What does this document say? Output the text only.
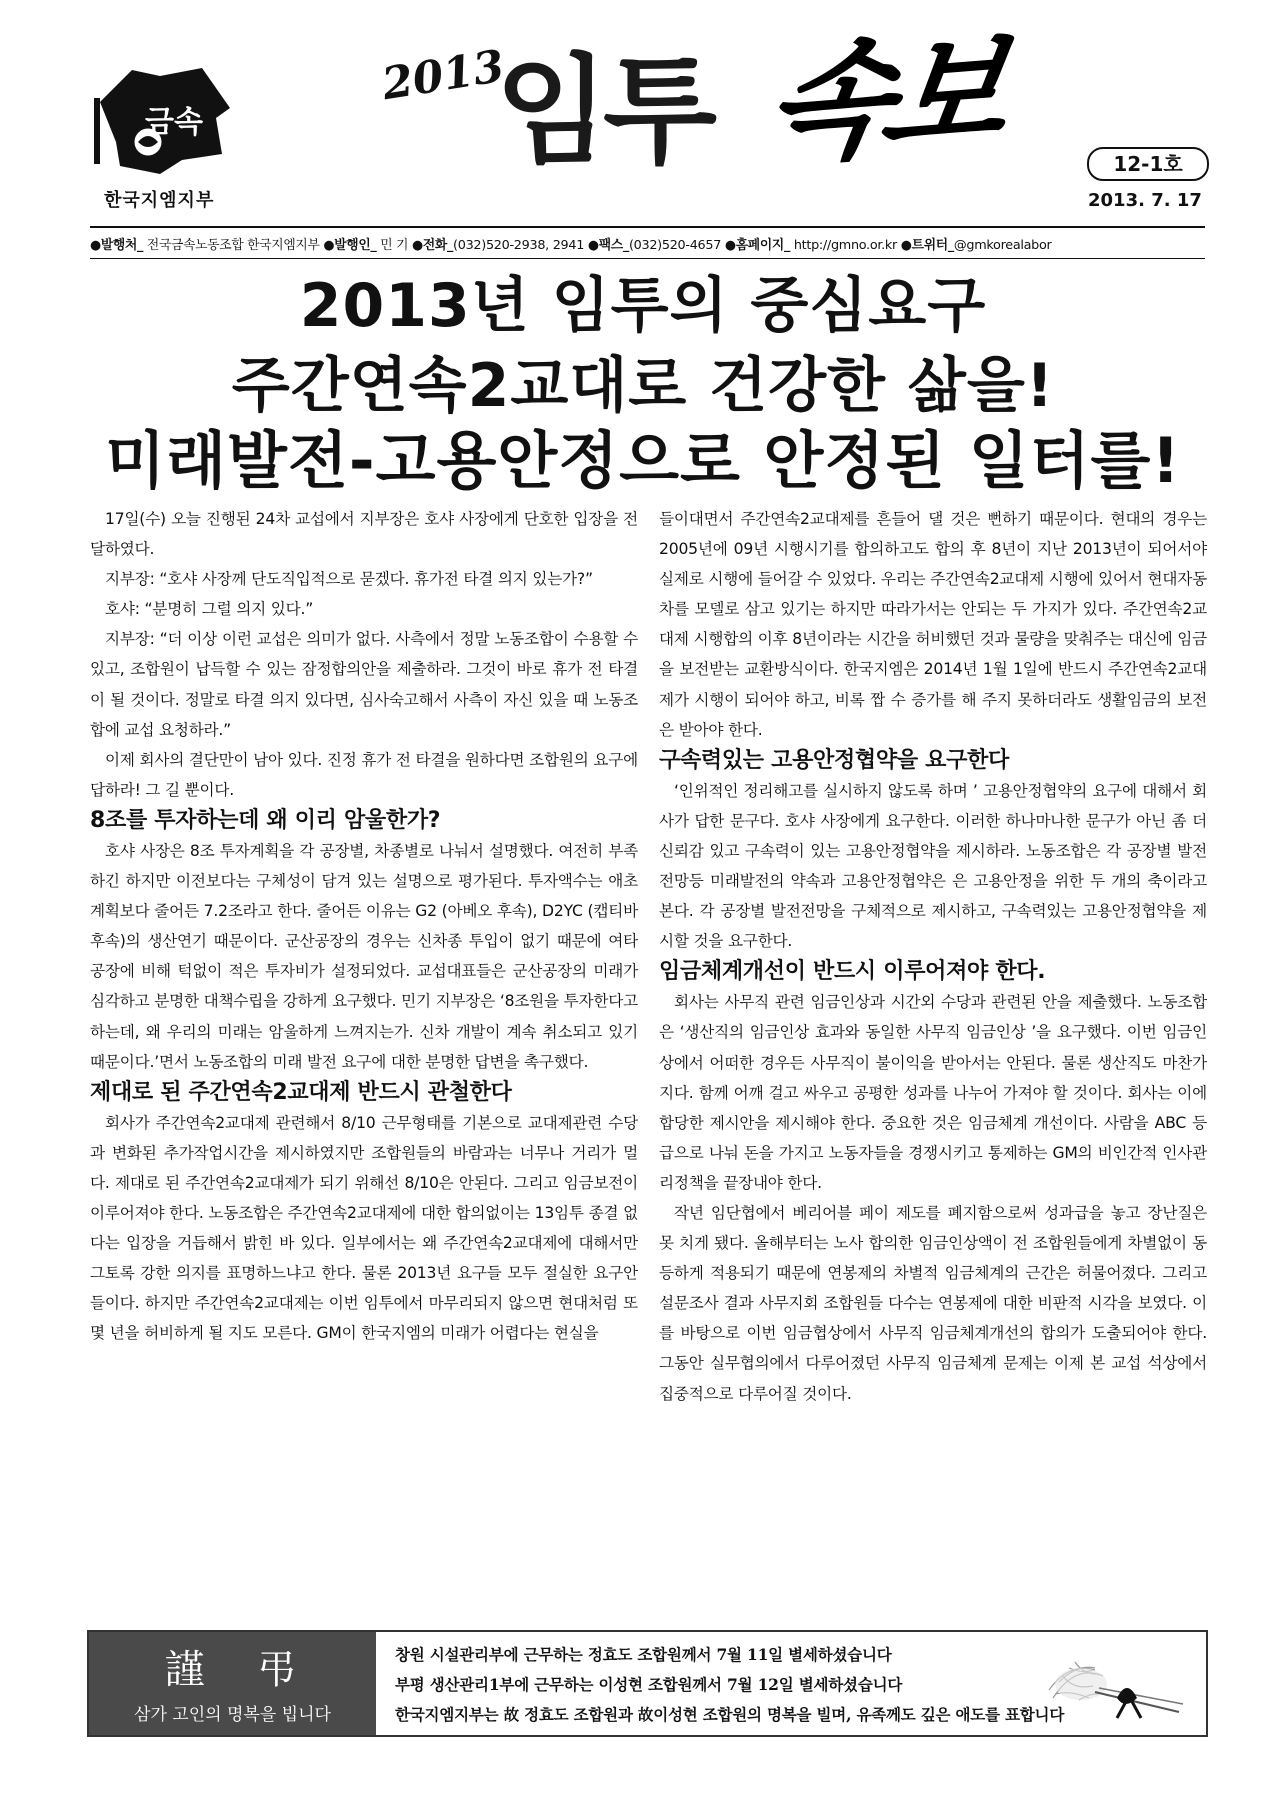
금속
한국지엠지부
2013
임투 속보	12-1호
2013. 7. 17
●발행처_ 전국금속노동조합 한국지엠지부 ●발행인_ 민 기 ●전화_(032)520-2938, 2941 ●팩스_(032)520-4657 ●홈페이지_ http://gmno.or.kr ●트위터_@gmkorealabor
2013년 임투의 중심요구
주간연속2교대로 건강한 삶을!
미래발전-고용안정으로 안정된 일터를!

17일(수) 오늘 진행된 24차 교섭에서 지부장은 호샤 사장에게 단호한 입장을 전달하였다.

지부장: “호샤 사장께 단도직입적으로 묻겠다. 휴가전 타결 의지 있는가?”

호샤: “분명히 그럴 의지 있다.”

지부장: “더 이상 이런 교섭은 의미가 없다. 사측에서 정말 노동조합이 수용할 수 있고, 조합원이 납득할 수 있는 잠정합의안을 제출하라. 그것이 바로 휴가 전 타결이 될 것이다. 정말로 타결 의지 있다면, 심사숙고해서 사측이 자신 있을 때 노동조합에 교섭 요청하라.”

이제 회사의 결단만이 남아 있다. 진정 휴가 전 타결을 원하다면 조합원의 요구에 답하라! 그 길 뿐이다.

8조를 투자하는데 왜 이리 암울한가?

호샤 사장은 8조 투자계획을 각 공장별, 차종별로 나눠서 설명했다. 여전히 부족하긴 하지만 이전보다는 구체성이 담겨 있는 설명으로 평가된다. 투자액수는 애초 계획보다 줄어든 7.2조라고 한다. 줄어든 이유는 G2 (아베오 후속), D2YC (캡티바 후속)의 생산연기 때문이다. 군산공장의 경우는 신차종 투입이 없기 때문에 여타 공장에 비해 턱없이 적은 투자비가 설정되었다. 교섭대표들은 군산공장의 미래가 심각하고 분명한 대책수립을 강하게 요구했다. 민기 지부장은 ‘8조원을 투자한다고 하는데, 왜 우리의 미래는 암울하게 느껴지는가. 신차 개발이 계속 취소되고 있기 때문이다.’면서 노동조합의 미래 발전 요구에 대한 분명한 답변을 촉구했다.

제대로 된 주간연속2교대제 반드시 관철한다

회사가 주간연속2교대제 관련해서 8/10 근무형태를 기본으로 교대제관련 수당과 변화된 추가작업시간을 제시하였지만 조합원들의 바람과는 너무나 거리가 멀다. 제대로 된 주간연속2교대제가 되기 위해선 8/10은 안된다. 그리고 임금보전이 이루어져야 한다. 노동조합은 주간연속2교대제에 대한 합의없이는 13임투 종결 없다는 입장을 거듭해서 밝힌 바 있다. 일부에서는 왜 주간연속2교대제에 대해서만 그토록 강한 의지를 표명하느냐고 한다. 물론 2013년 요구들 모두 절실한 요구안들이다. 하지만 주간연속2교대제는 이번 임투에서 마무리되지 않으면 현대처럼 또 몇 년을 허비하게 될 지도 모른다. GM이 한국지엠의 미래가 어렵다는 현실을

들이대면서 주간연속2교대제를 흔들어 댈 것은 뻔하기 때문이다. 현대의 경우는 2005년에 09년 시행시기를 합의하고도 합의 후 8년이 지난 2013년이 되어서야 실제로 시행에 들어갈 수 있었다. 우리는 주간연속2교대제 시행에 있어서 현대자동차를 모델로 삼고 있기는 하지만 따라가서는 안되는 두 가지가 있다. 주간연속2교대제 시행합의 이후 8년이라는 시간을 허비했던 것과 물량을 맞춰주는 대신에 임금을 보전받는 교환방식이다. 한국지엠은 2014년 1월 1일에 반드시 주간연속2교대제가 시행이 되어야 하고, 비록 짭 수 증가를 해 주지 못하더라도 생활임금의 보전은 받아야 한다.

구속력있는 고용안정협약을 요구한다

‘인위적인 정리해고를 실시하지 않도록 하며 ’ 고용안정협약의 요구에 대해서 회사가 답한 문구다. 호샤 사장에게 요구한다. 이러한 하나마나한 문구가 아닌 좀 더 신뢰감 있고 구속력이 있는 고용안정협약을 제시하라. 노동조합은 각 공장별 발전전망등 미래발전의 약속과 고용안정협약은 은 고용안정을 위한 두 개의 축이라고 본다. 각 공장별 발전전망을 구체적으로 제시하고, 구속력있는 고용안정협약을 제시할 것을 요구한다.

임금체계개선이 반드시 이루어져야 한다.

회사는 사무직 관련 임금인상과 시간외 수당과 관련된 안을 제출했다. 노동조합은 ‘생산직의 임금인상 효과와 동일한 사무직 임금인상 ’을 요구했다. 이번 임금인상에서 어떠한 경우든 사무직이 불이익을 받아서는 안된다. 물론 생산직도 마찬가지다. 함께 어깨 걸고 싸우고 공평한 성과를 나누어 가져야 할 것이다. 회사는 이에 합당한 제시안을 제시해야 한다. 중요한 것은 임금체계 개선이다. 사람을 ABC 등급으로 나눠 돈을 가지고 노동자들을 경쟁시키고 통제하는 GM의 비인간적 인사관리정책을 끝장내야 한다.

작년 임단협에서 베리어블 페이 제도를 폐지함으로써 성과급을 놓고 장난질은 못 치게 됐다. 올해부터는 노사 합의한 임금인상액이 전 조합원들에게 차별없이 동등하게 적용되기 때문에 연봉제의 차별적 임금체계의 근간은 허물어졌다. 그리고 설문조사 결과 사무지회 조합원들 다수는 연봉제에 대한 비판적 시각을 보였다. 이를 바탕으로 이번 임금협상에서 사무직 임금체계개선의 합의가 도출되어야 한다. 그동안 실무협의에서 다루어졌던 사무직 임금체계 문제는 이제 본 교섭 석상에서 집중적으로 다루어질 것이다.

謹弔
삼가 고인의 명복을 빕니다
창원 시설관리부에 근무하는 정효도 조합원께서 7월 11일 별세하셨습니다
부평 생산관리1부에 근무하는 이성현 조합원께서 7월 12일 별세하셨습니다
한국지엠지부는 故 정효도 조합원과 故이성현 조합원의 명복을 빌며, 유족께도 깊은 애도를 표합니다
